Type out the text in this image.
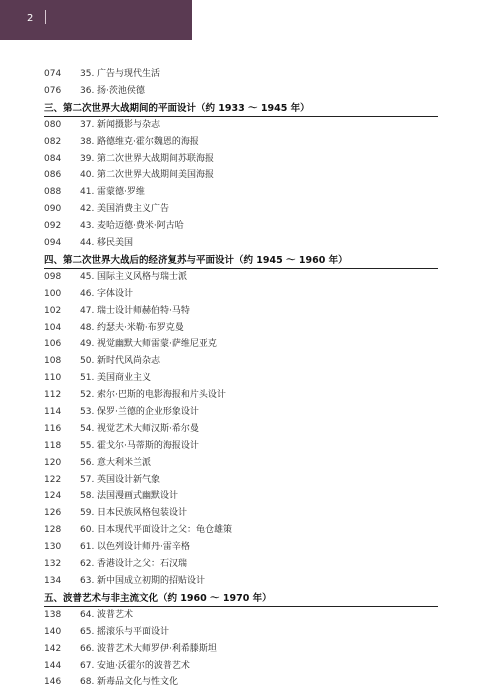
2
074 35. 广告与现代生活
076 36. 扬·茨池侯德
三、第二次世界大战期间的平面设计（约 1933 ～ 1945 年）
080 37. 新闻摄影与杂志
082 38. 路德维克·霍尔魏恩的海报
084 39. 第二次世界大战期间苏联海报
086 40. 第二次世界大战期间美国海报
088 41. 雷蒙德·罗维
090 42. 美国消费主义广告
092 43. 麦哈迈德·费米·阿古哈
094 44. 移民美国
四、第二次世界大战后的经济复苏与平面设计（约 1945 ～ 1960 年）
098 45. 国际主义风格与瑞士派
100 46. 字体设计
102 47. 瑞士设计师赫伯特·马特
104 48. 约瑟夫·米勒·布罗克曼
106 49. 视觉幽默大师雷蒙·萨维尼亚克
108 50. 新时代风尚杂志
110 51. 美国商业主义
112 52. 索尔·巴斯的电影海报和片头设计
114 53. 保罗·兰德的企业形象设计
116 54. 视觉艺术大师汉斯·希尔曼
118 55. 霍戈尔·马蒂斯的海报设计
120 56. 意大利米兰派
122 57. 英国设计新气象
124 58. 法国漫画式幽默设计
126 59. 日本民族风格包装设计
128 60. 日本现代平面设计之父：龟仓雄策
130 61. 以色列设计师丹·雷辛格
132 62. 香港设计之父：石汉瑞
134 63. 新中国成立初期的招贴设计
五、波普艺术与非主流文化（约 1960 ～ 1970 年）
138 64. 波普艺术
140 65. 摇滚乐与平面设计
142 66. 波普艺术大师罗伊·利希滕斯坦
144 67. 安迪·沃霍尔的波普艺术
146 68. 新毒品文化与性文化
